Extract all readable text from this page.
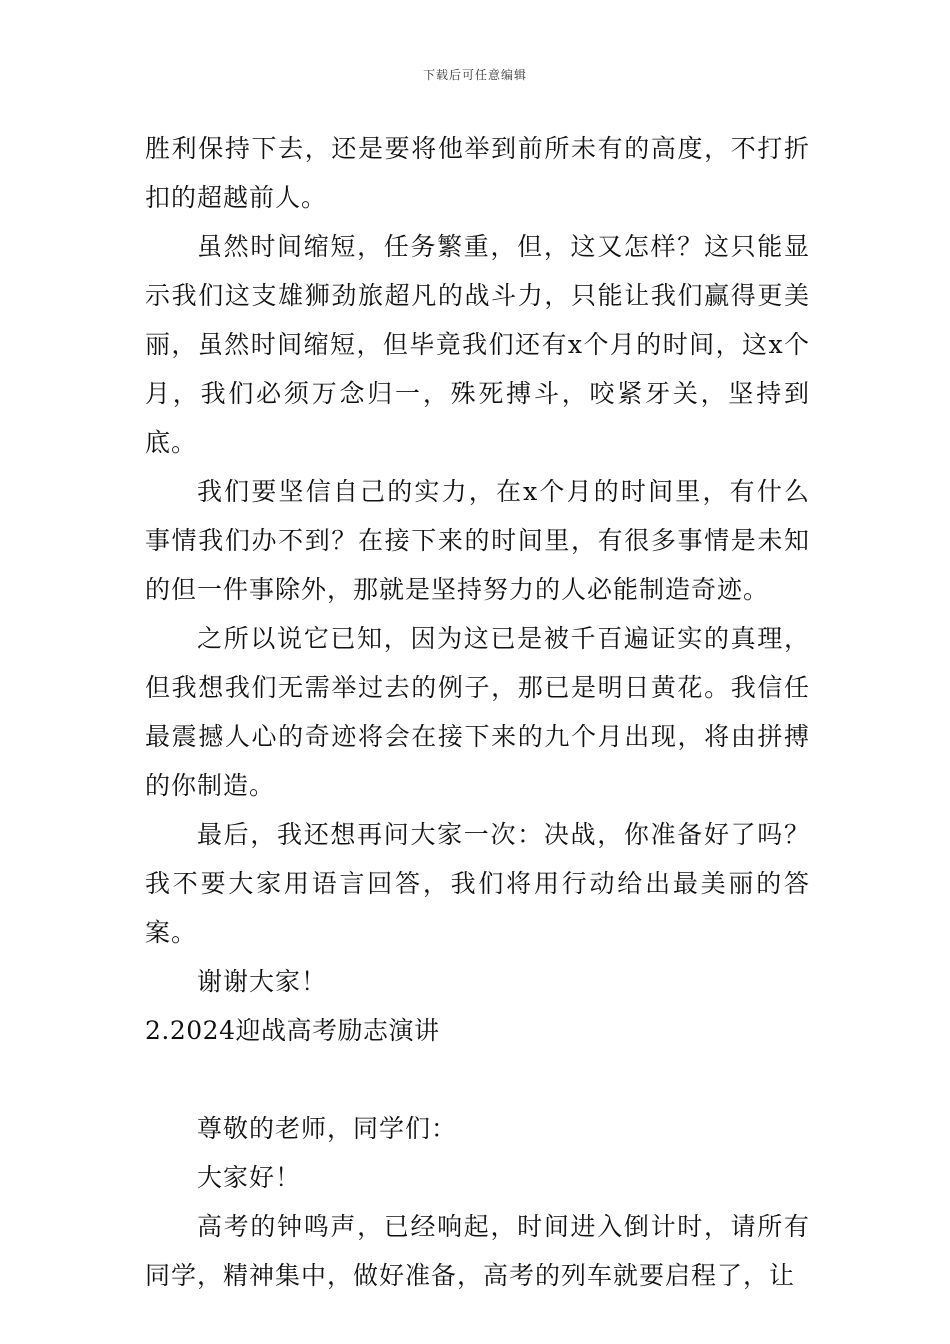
下载后可任意编辑

胜利保持下去，还是要将他举到前所未有的高度，不打折扣的超越前人。

虽然时间缩短，任务繁重，但，这又怎样？这只能显示我们这支雄狮劲旅超凡的战斗力，只能让我们赢得更美丽，虽然时间缩短，但毕竟我们还有x个月的时间，这x个月，我们必须万念归一，殊死搏斗，咬紧牙关，坚持到底。

我们要坚信自己的实力，在x个月的时间里，有什么事情我们办不到？在接下来的时间里，有很多事情是未知的但一件事除外，那就是坚持努力的人必能制造奇迹。

之所以说它已知，因为这已是被千百遍证实的真理，但我想我们无需举过去的例子，那已是明日黄花。我信任最震撼人心的奇迹将会在接下来的九个月出现，将由拼搏的你制造。

最后，我还想再问大家一次：决战，你准备好了吗？我不要大家用语言回答，我们将用行动给出最美丽的答案。

谢谢大家！

2.2024迎战高考励志演讲

尊敬的老师，同学们：

大家好！

高考的钟鸣声，已经响起，时间进入倒计时，请所有同学，精神集中，做好准备，高考的列车就要启程了，让
